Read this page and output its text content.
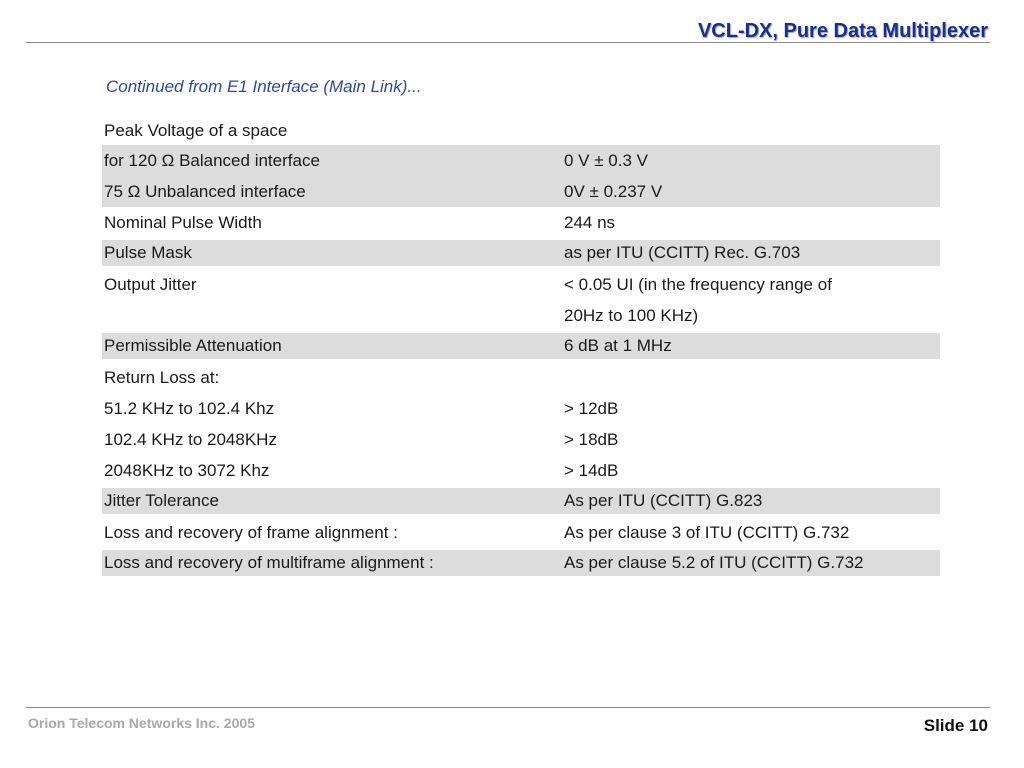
VCL-DX, Pure Data Multiplexer
Continued from E1 Interface (Main Link)...
Peak Voltage of a space
for 120 Ω Balanced interface	0 V ± 0.3 V
75 Ω Unbalanced interface	0V ± 0.237 V
Nominal Pulse Width	244 ns
Pulse Mask	as per ITU (CCITT) Rec. G.703
Output Jitter	< 0.05 UI (in the frequency range of
20Hz to 100 KHz)
Permissible Attenuation	6 dB at 1 MHz
Return Loss at:
51.2 KHz to 102.4 Khz	> 12dB
102.4 KHz to 2048KHz	> 18dB
2048KHz to 3072 Khz	> 14dB
Jitter Tolerance	As per ITU (CCITT) G.823
Loss and recovery of frame alignment :	As per clause 3 of ITU (CCITT) G.732
Loss and recovery of multiframe alignment :	As per clause 5.2 of ITU (CCITT) G.732
Orion Telecom Networks Inc. 2005	Slide 10
